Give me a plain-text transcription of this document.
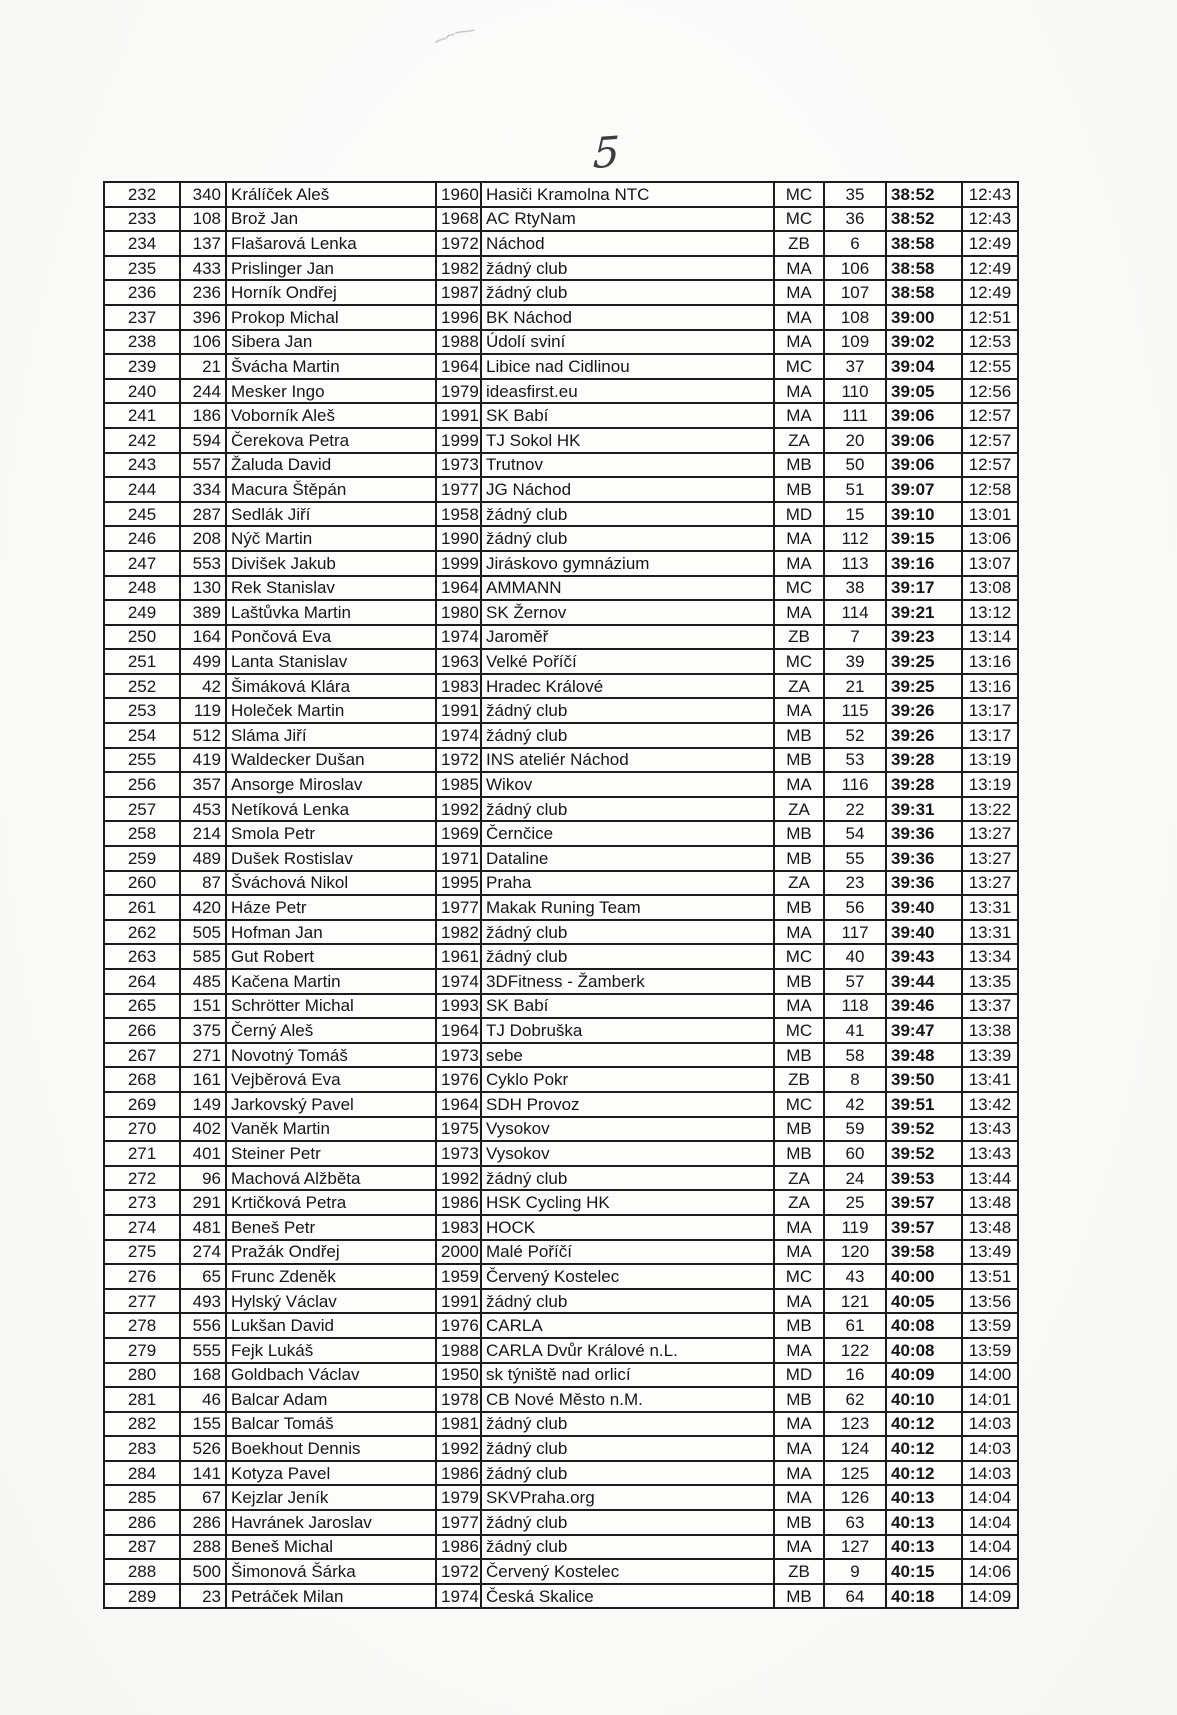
5
232	340	Králíček Aleš	1960	Hasiči Kramolna NTC	MC	35	38:52	12:43
233	108	Brož Jan	1968	AC RtyNam	MC	36	38:52	12:43
234	137	Flašarová Lenka	1972	Náchod	ZB	6	38:58	12:49
235	433	Prislinger Jan	1982	žádný club	MA	106	38:58	12:49
236	236	Horník Ondřej	1987	žádný club	MA	107	38:58	12:49
237	396	Prokop Michal	1996	BK Náchod	MA	108	39:00	12:51
238	106	Sibera Jan	1988	Údolí sviní	MA	109	39:02	12:53
239	21	Švácha Martin	1964	Libice nad Cidlinou	MC	37	39:04	12:55
240	244	Mesker Ingo	1979	ideasfirst.eu	MA	110	39:05	12:56
241	186	Voborník Aleš	1991	SK Babí	MA	111	39:06	12:57
242	594	Čerekova Petra	1999	TJ Sokol HK	ZA	20	39:06	12:57
243	557	Žaluda David	1973	Trutnov	MB	50	39:06	12:57
244	334	Macura Štěpán	1977	JG Náchod	MB	51	39:07	12:58
245	287	Sedlák Jiří	1958	žádný club	MD	15	39:10	13:01
246	208	Nýč Martin	1990	žádný club	MA	112	39:15	13:06
247	553	Divišek Jakub	1999	Jiráskovo gymnázium	MA	113	39:16	13:07
248	130	Rek Stanislav	1964	AMMANN	MC	38	39:17	13:08
249	389	Laštůvka Martin	1980	SK Žernov	MA	114	39:21	13:12
250	164	Pončová Eva	1974	Jaroměř	ZB	7	39:23	13:14
251	499	Lanta Stanislav	1963	Velké Poříčí	MC	39	39:25	13:16
252	42	Šimáková Klára	1983	Hradec Králové	ZA	21	39:25	13:16
253	119	Holeček Martin	1991	žádný club	MA	115	39:26	13:17
254	512	Sláma Jiří	1974	žádný club	MB	52	39:26	13:17
255	419	Waldecker Dušan	1972	INS ateliér Náchod	MB	53	39:28	13:19
256	357	Ansorge Miroslav	1985	Wikov	MA	116	39:28	13:19
257	453	Netíková Lenka	1992	žádný club	ZA	22	39:31	13:22
258	214	Smola Petr	1969	Černčice	MB	54	39:36	13:27
259	489	Dušek Rostislav	1971	Dataline	MB	55	39:36	13:27
260	87	Šváchová Nikol	1995	Praha	ZA	23	39:36	13:27
261	420	Háze Petr	1977	Makak Runing Team	MB	56	39:40	13:31
262	505	Hofman Jan	1982	žádný club	MA	117	39:40	13:31
263	585	Gut Robert	1961	žádný club	MC	40	39:43	13:34
264	485	Kačena Martin	1974	3DFitness - Žamberk	MB	57	39:44	13:35
265	151	Schrötter Michal	1993	SK Babí	MA	118	39:46	13:37
266	375	Černý Aleš	1964	TJ Dobruška	MC	41	39:47	13:38
267	271	Novotný Tomáš	1973	sebe	MB	58	39:48	13:39
268	161	Vejběrová Eva	1976	Cyklo Pokr	ZB	8	39:50	13:41
269	149	Jarkovský Pavel	1964	SDH Provoz	MC	42	39:51	13:42
270	402	Vaněk Martin	1975	Vysokov	MB	59	39:52	13:43
271	401	Steiner Petr	1973	Vysokov	MB	60	39:52	13:43
272	96	Machová Alžběta	1992	žádný club	ZA	24	39:53	13:44
273	291	Krtičková Petra	1986	HSK Cycling HK	ZA	25	39:57	13:48
274	481	Beneš Petr	1983	HOCK	MA	119	39:57	13:48
275	274	Pražák Ondřej	2000	Malé Poříčí	MA	120	39:58	13:49
276	65	Frunc Zdeněk	1959	Červený Kostelec	MC	43	40:00	13:51
277	493	Hylský Václav	1991	žádný club	MA	121	40:05	13:56
278	556	Lukšan David	1976	CARLA	MB	61	40:08	13:59
279	555	Fejk Lukáš	1988	CARLA Dvůr Králové n.L.	MA	122	40:08	13:59
280	168	Goldbach Václav	1950	sk týniště nad orlicí	MD	16	40:09	14:00
281	46	Balcar Adam	1978	CB Nové Město n.M.	MB	62	40:10	14:01
282	155	Balcar Tomáš	1981	žádný club	MA	123	40:12	14:03
283	526	Boekhout Dennis	1992	žádný club	MA	124	40:12	14:03
284	141	Kotyza Pavel	1986	žádný club	MA	125	40:12	14:03
285	67	Kejzlar Jeník	1979	SKVPraha.org	MA	126	40:13	14:04
286	286	Havránek Jaroslav	1977	žádný club	MB	63	40:13	14:04
287	288	Beneš Michal	1986	žádný club	MA	127	40:13	14:04
288	500	Šimonová Šárka	1972	Červený Kostelec	ZB	9	40:15	14:06
289	23	Petráček Milan	1974	Česká Skalice	MB	64	40:18	14:09
